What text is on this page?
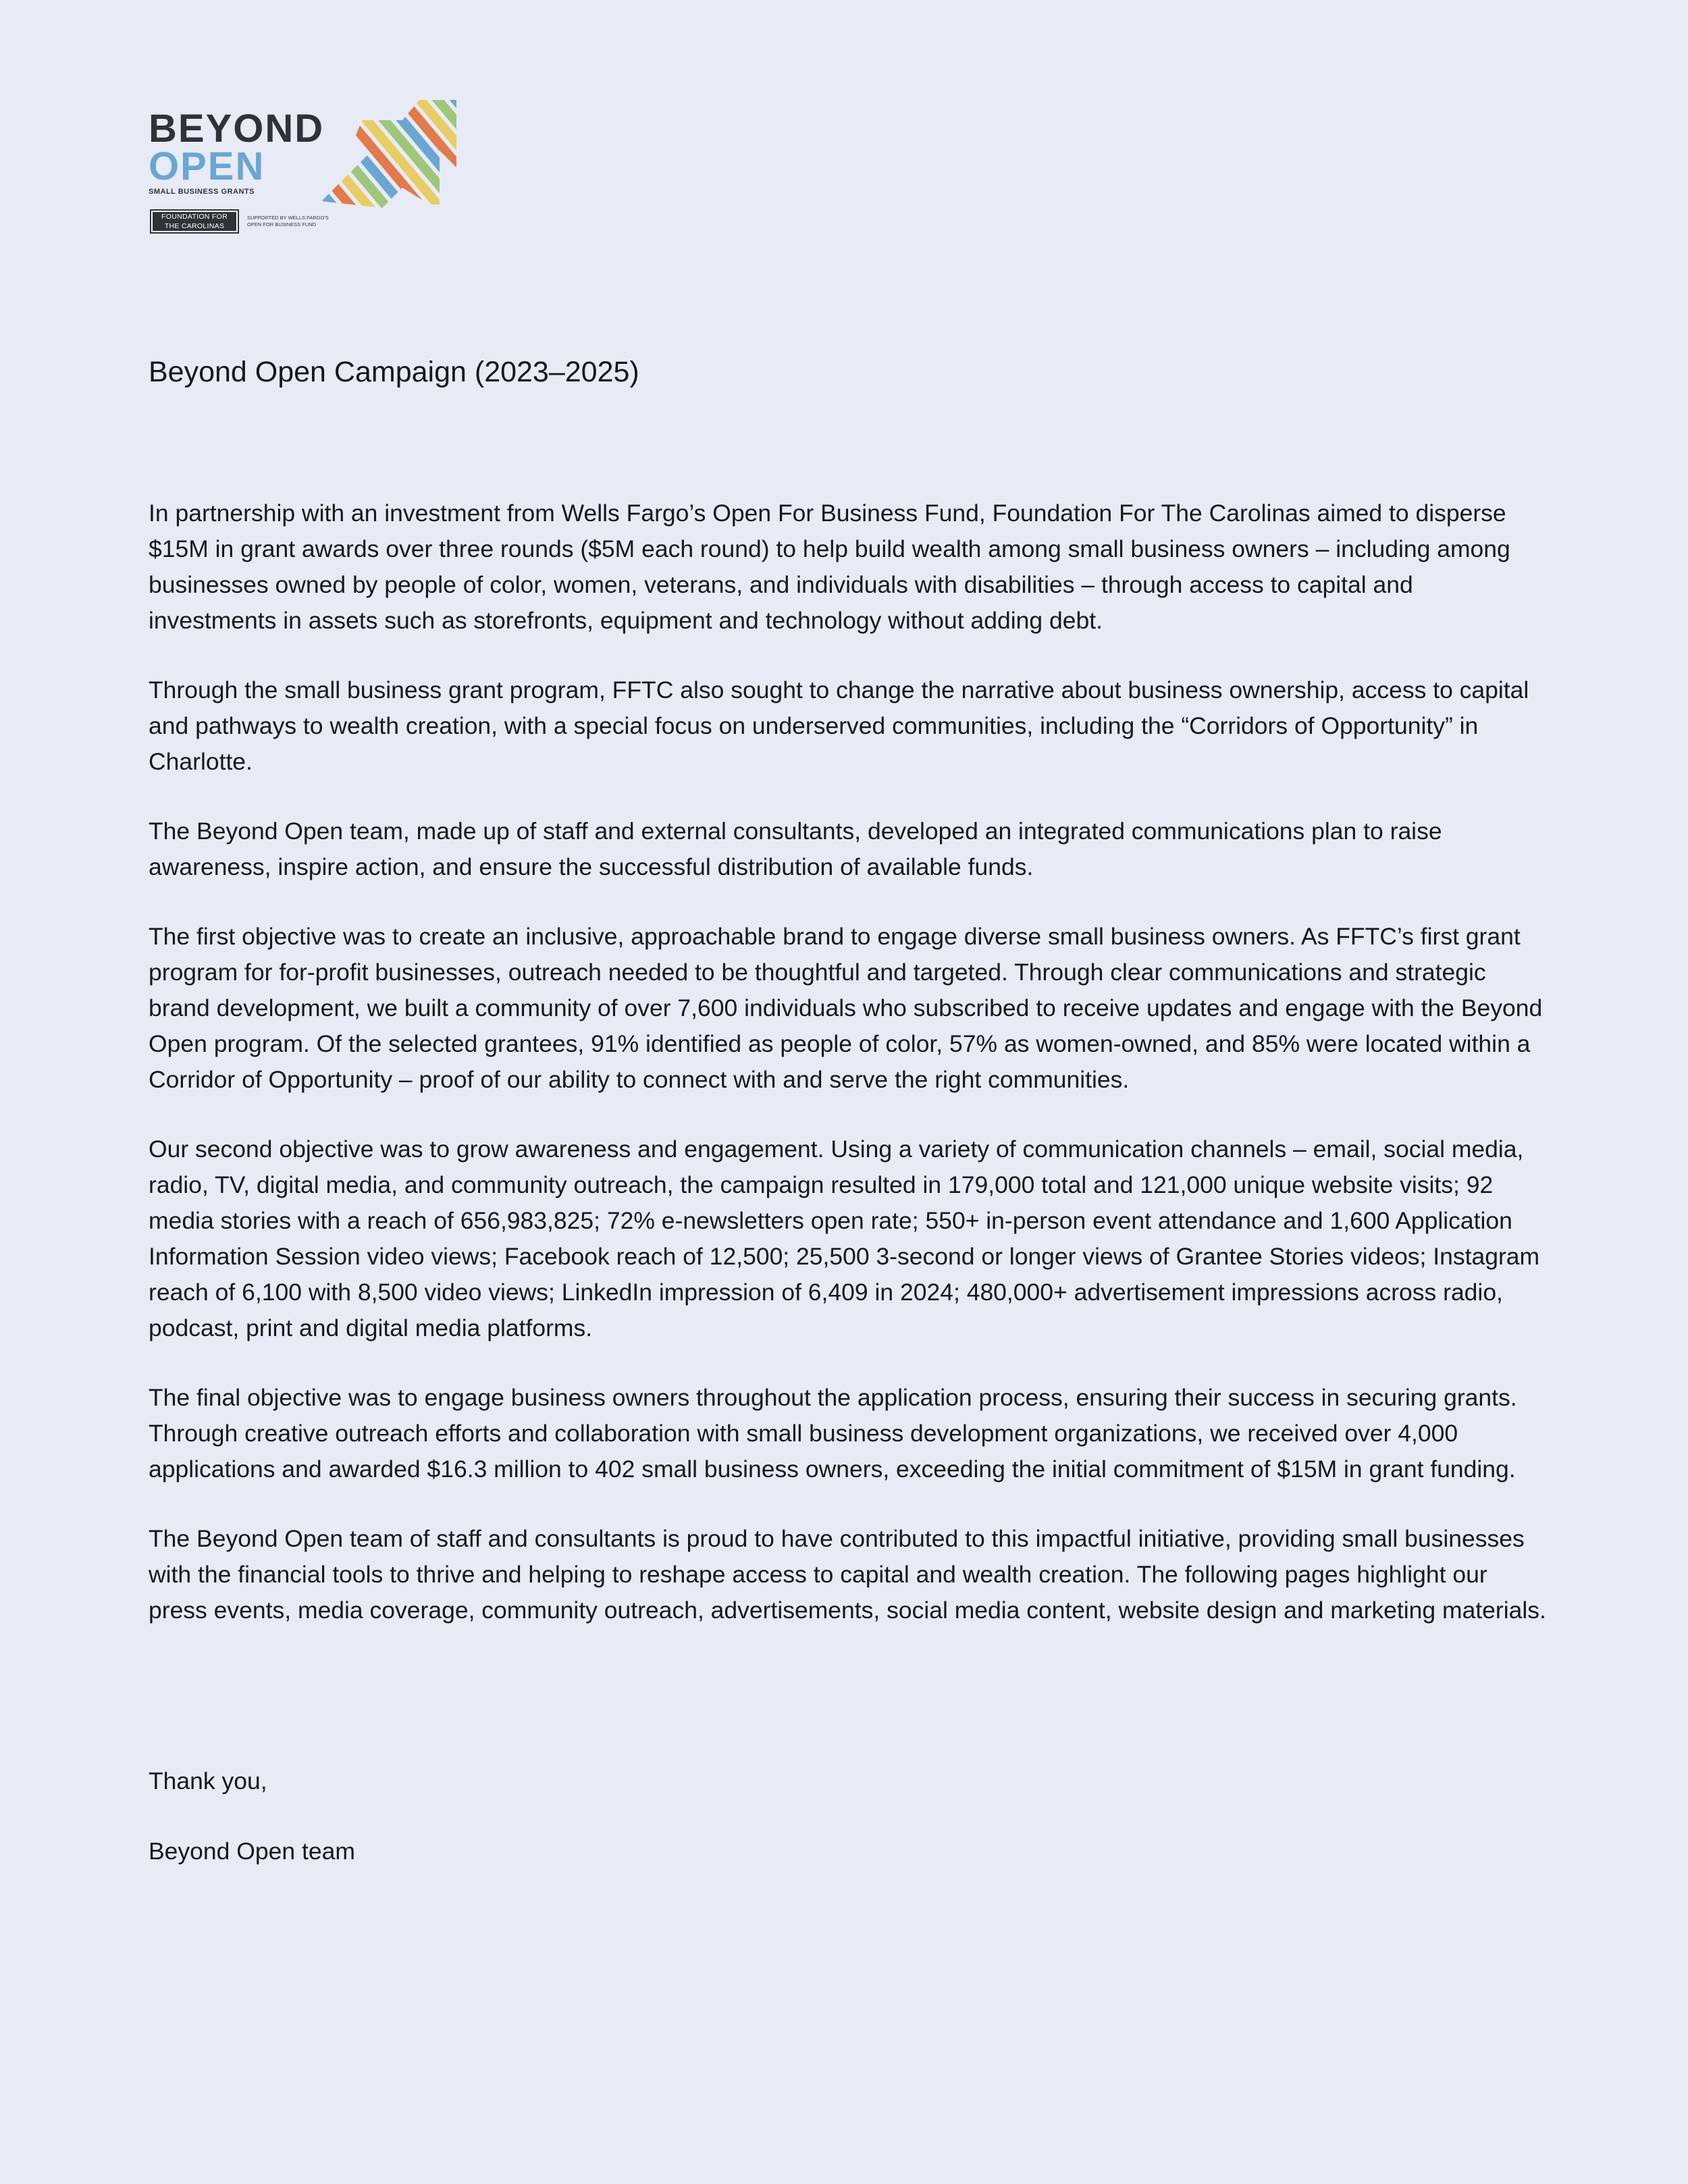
BEYOND
OPEN
SMALL BUSINESS GRANTS
FOUNDATION FOR
THE CAROLINAS
SUPPORTED BY WELLS FARGO'S
OPEN FOR BUSINESS FUND
Beyond Open Campaign (2023–2025)

In partnership with an investment from Wells Fargo’s Open For Business Fund, Foundation For The Carolinas aimed to disperse $15M in grant awards over three rounds ($5M each round) to help build wealth among small business owners – including among businesses owned by people of color, women, veterans, and individuals with disabilities – through access to capital and investments in assets such as storefronts, equipment and technology without adding debt.

Through the small business grant program, FFTC also sought to change the narrative about business ownership, access to capital and pathways to wealth creation, with a special focus on underserved communities, including the “Corridors of Opportunity” in Charlotte.

The Beyond Open team, made up of staff and external consultants, developed an integrated communications plan to raise awareness, inspire action, and ensure the successful distribution of available funds.

The first objective was to create an inclusive, approachable brand to engage diverse small business owners. As FFTC’s first grant program for for-profit businesses, outreach needed to be thoughtful and targeted. Through clear communications and strategic brand development, we built a community of over 7,600 individuals who subscribed to receive updates and engage with the Beyond Open program. Of the selected grantees, 91% identified as people of color, 57% as women-owned, and 85% were located within a Corridor of Opportunity – proof of our ability to connect with and serve the right communities.

Our second objective was to grow awareness and engagement. Using a variety of communication channels – email, social media, radio, TV, digital media, and community outreach, the campaign resulted in 179,000 total and 121,000 unique website visits; 92 media stories with a reach of 656,983,825; 72% e-newsletters open rate; 550+ in-person event attendance and 1,600 Application Information Session video views; Facebook reach of 12,500; 25,500 3-second or longer views of Grantee Stories videos; Instagram reach of 6,100 with 8,500 video views; LinkedIn impression of 6,409 in 2024; 480,000+ advertisement impressions across radio, podcast, print and digital media platforms.

The final objective was to engage business owners throughout the application process, ensuring their success in securing grants. Through creative outreach efforts and collaboration with small business development organizations, we received over 4,000 applications and awarded $16.3 million to 402 small business owners, exceeding the initial commitment of $15M in grant funding.

The Beyond Open team of staff and consultants is proud to have contributed to this impactful initiative, providing small businesses with the financial tools to thrive and helping to reshape access to capital and wealth creation. The following pages highlight our press events, media coverage, community outreach, advertisements, social media content, website design and marketing materials.

Thank you,

Beyond Open team
